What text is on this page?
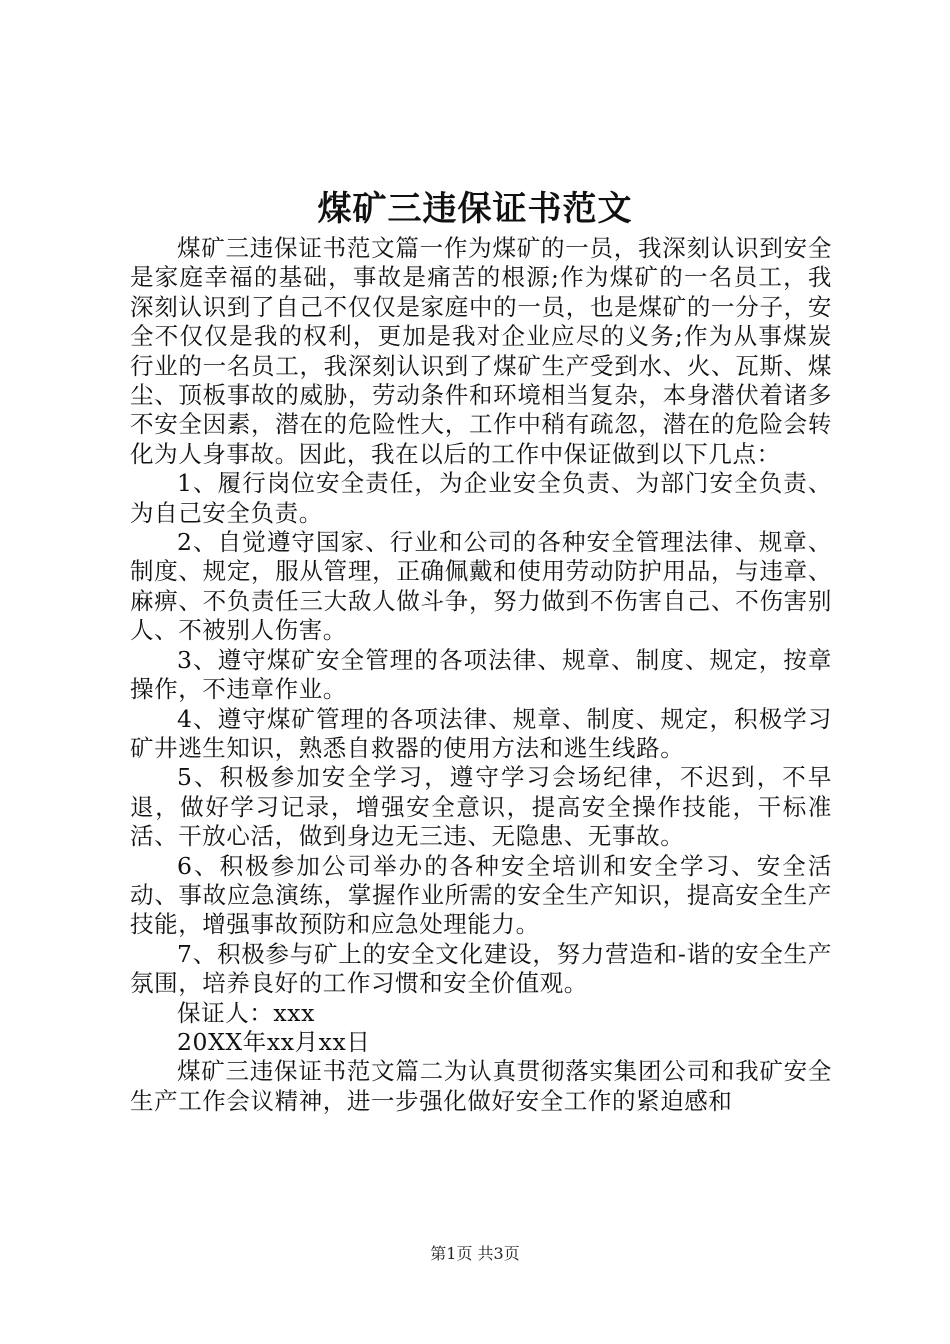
煤矿三违保证书范文

煤矿三违保证书范文篇一作为煤矿的一员，我深刻认识到安全是家庭幸福的基础，事故是痛苦的根源;作为煤矿的一名员工，我深刻认识到了自己不仅仅是家庭中的一员，也是煤矿的一分子，安全不仅仅是我的权利，更加是我对企业应尽的义务;作为从事煤炭行业的一名员工，我深刻认识到了煤矿生产受到水、火、瓦斯、煤尘、顶板事故的威胁，劳动条件和环境相当复杂，本身潜伏着诸多不安全因素，潜在的危险性大，工作中稍有疏忽，潜在的危险会转化为人身事故。因此，我在以后的工作中保证做到以下几点：

1、履行岗位安全责任，为企业安全负责、为部门安全负责、为自己安全负责。

2、自觉遵守国家、行业和公司的各种安全管理法律、规章、制度、规定，服从管理，正确佩戴和使用劳动防护用品，与违章、麻痹、不负责任三大敌人做斗争，努力做到不伤害自己、不伤害别人、不被别人伤害。

3、遵守煤矿安全管理的各项法律、规章、制度、规定，按章操作，不违章作业。

4、遵守煤矿管理的各项法律、规章、制度、规定，积极学习矿井逃生知识，熟悉自救器的使用方法和逃生线路。

5、积极参加安全学习，遵守学习会场纪律，不迟到，不早退，做好学习记录，增强安全意识，提高安全操作技能，干标准活、干放心活，做到身边无三违、无隐患、无事故。

6、积极参加公司举办的各种安全培训和安全学习、安全活动、事故应急演练，掌握作业所需的安全生产知识，提高安全生产技能，增强事故预防和应急处理能力。

7、积极参与矿上的安全文化建设，努力营造和-谐的安全生产氛围，培养良好的工作习惯和安全价值观。

保证人：xxx

20XX年xx月xx日

煤矿三违保证书范文篇二为认真贯彻落实集团公司和我矿安全生产工作会议精神，进一步强化做好安全工作的紧迫感和

第1页 共3页
